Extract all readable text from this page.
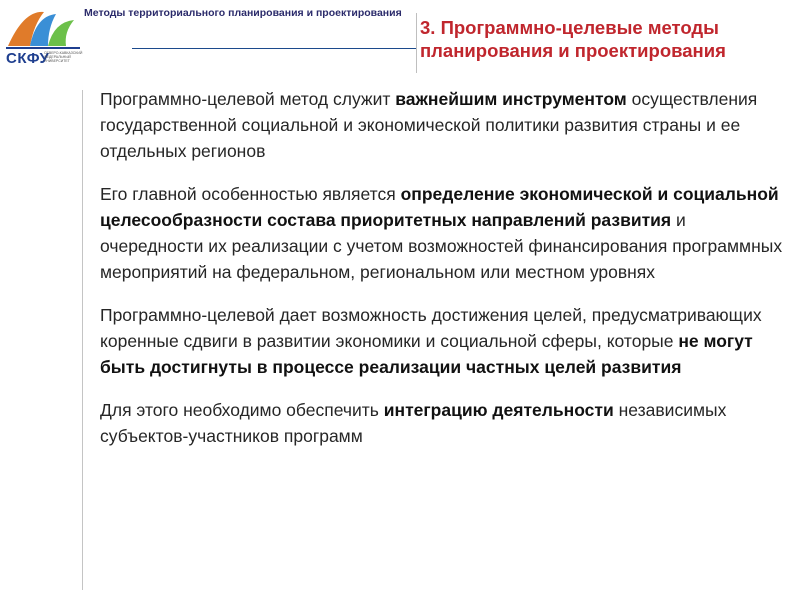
СКФУ
СЕВЕРО-КАВКАЗСКИЙ ФЕДЕРАЛЬНЫЙ УНИВЕРСИТЕТ
Методы территориального планирования и проектирования
3. Программно-целевые методы
планирования и проектирования

Программно-целевой метод служит важнейшим инструментом осуществления государственной социальной и экономической политики развития страны и ее отдельных регионов

Его главной особенностью является определение экономической и социальной целесообразности состава приоритетных направлений развития и очередности их реализации с учетом возможностей финансирования программных мероприятий на федеральном, региональном или местном уровнях

Программно-целевой дает возможность достижения целей, предусматривающих коренные сдвиги в развитии экономики и социальной сферы, которые не могут быть достигнуты в процессе реализации частных целей развития

Для этого необходимо обеспечить интеграцию деятельности независимых субъектов-участников программ
